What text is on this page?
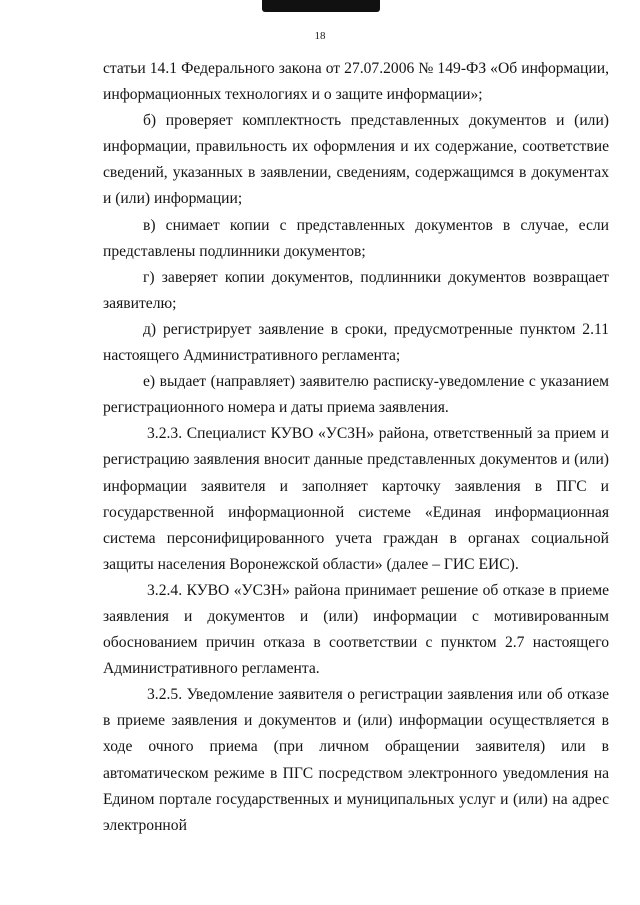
18

статьи 14.1 Федерального закона от 27.07.2006 № 149-ФЗ «Об информации, информационных технологиях и о защите информации»;

б) проверяет комплектность представленных документов и (или) информации, правильность их оформления и их содержание, соответствие сведений, указанных в заявлении, сведениям, содержащимся в документах и (или) информации;

в) снимает копии с представленных документов в случае, если представлены подлинники документов;

г) заверяет копии документов, подлинники документов возвращает заявителю;

д) регистрирует заявление в сроки, предусмотренные пунктом 2.11 настоящего Административного регламента;

е) выдает (направляет) заявителю расписку-уведомление с указанием регистрационного номера и даты приема заявления.

3.2.3. Специалист КУВО «УСЗН» района, ответственный за прием и регистрацию заявления вносит данные представленных документов и (или) информации заявителя и заполняет карточку заявления в ПГС и государственной информационной системе «Единая информационная система персонифицированного учета граждан в органах социальной защиты населения Воронежской области» (далее – ГИС ЕИС).

3.2.4. КУВО «УСЗН» района принимает решение об отказе в приеме заявления и документов и (или) информации с мотивированным обоснованием причин отказа в соответствии с пунктом 2.7 настоящего Административного регламента.

3.2.5. Уведомление заявителя о регистрации заявления или об отказе в приеме заявления и документов и (или) информации осуществляется в ходе очного приема (при личном обращении заявителя) или в автоматическом режиме в ПГС посредством электронного уведомления на Едином портале государственных и муниципальных услуг и (или) на адрес электронной
